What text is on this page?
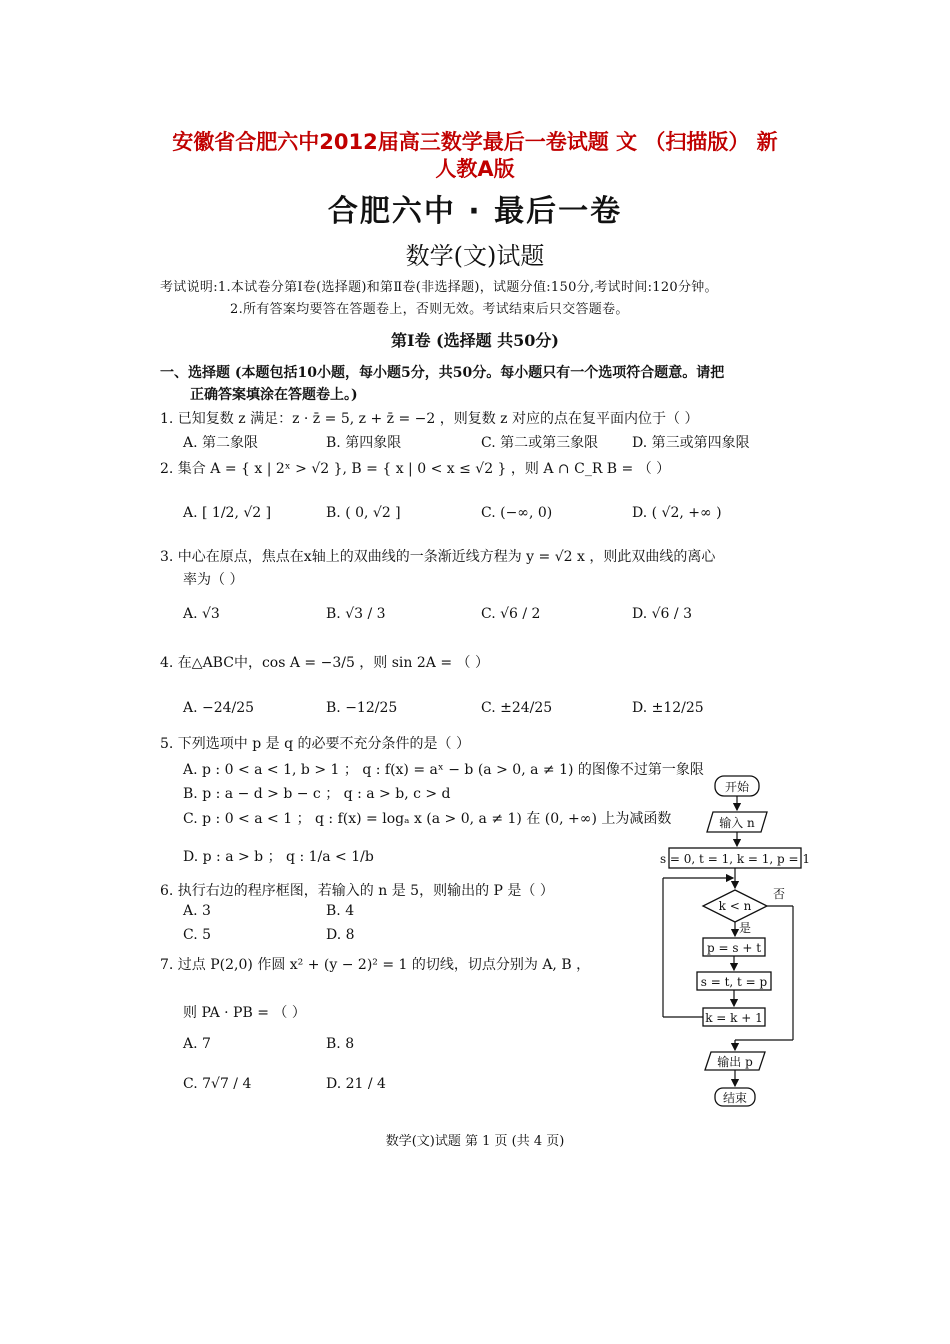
安徽省合肥六中2012届高三数学最后一卷试题 文 （扫描版） 新
人教A版
合肥六中 · 最后一卷
数学(文)试题
考试说明:1.本试卷分第Ⅰ卷(选择题)和第Ⅱ卷(非选择题)，试题分值:150分,考试时间:120分钟。
2.所有答案均要答在答题卷上，否则无效。考试结束后只交答题卷。
第Ⅰ卷 (选择题 共50分)
一、选择题 (本题包括10小题，每小题5分，共50分。每小题只有一个选项符合题意。请把
正确答案填涂在答题卷上。)
1. 已知复数 z 满足：z · z̄ = 5, z + z̄ = −2 ，则复数 z 对应的点在复平面内位于（ ）
A. 第二象限	B. 第四象限	C. 第二或第三象限 D. 第三或第四象限
2. 集合 A = { x | 2ˣ > √2 }, B = { x | 0 < x ≤ √2 } ，则 A ∩ C_R B = （ ）
A. [ 1/2, √2 ]	B. ( 0, √2 ]	C. (−∞, 0)	D. ( √2, +∞ )
3. 中心在原点，焦点在x轴上的双曲线的一条渐近线方程为 y = √2 x ，则此双曲线的离心
率为（ ）
A. √3	B. √3 / 3	C. √6 / 2	D. √6 / 3
4. 在△ABC中，cos A = −3/5 ，则 sin 2A = （ ）
A. −24/25	B. −12/25	C. ±24/25	D. ±12/25
5. 下列选项中 p 是 q 的必要不充分条件的是（ ）
A. p : 0 < a < 1, b > 1 ； q : f(x) = aˣ − b (a > 0, a ≠ 1) 的图像不过第一象限
B. p : a − d > b − c ； q : a > b, c > d
C. p : 0 < a < 1 ； q : f(x) = logₐ x (a > 0, a ≠ 1) 在 (0, +∞) 上为减函数
D. p : a > b ； q : 1/a < 1/b
6. 执行右边的程序框图，若输入的 n 是 5，则输出的 P 是（ ）
A. 3	B. 4
C. 5	D. 8
7. 过点 P(2,0) 作圆 x² + (y − 2)² = 1 的切线，切点分别为 A, B ，
则 PA · PB = （ ）
A. 7	B. 8
C. 7√7 / 4	D. 21 / 4
开始
输入 n
s = 0, t = 1, k = 1, p = 1
k < n
否
是
p = s + t
s = t, t = p
k = k + 1
输出 p
结束
数学(文)试题 第 1 页 (共 4 页)
